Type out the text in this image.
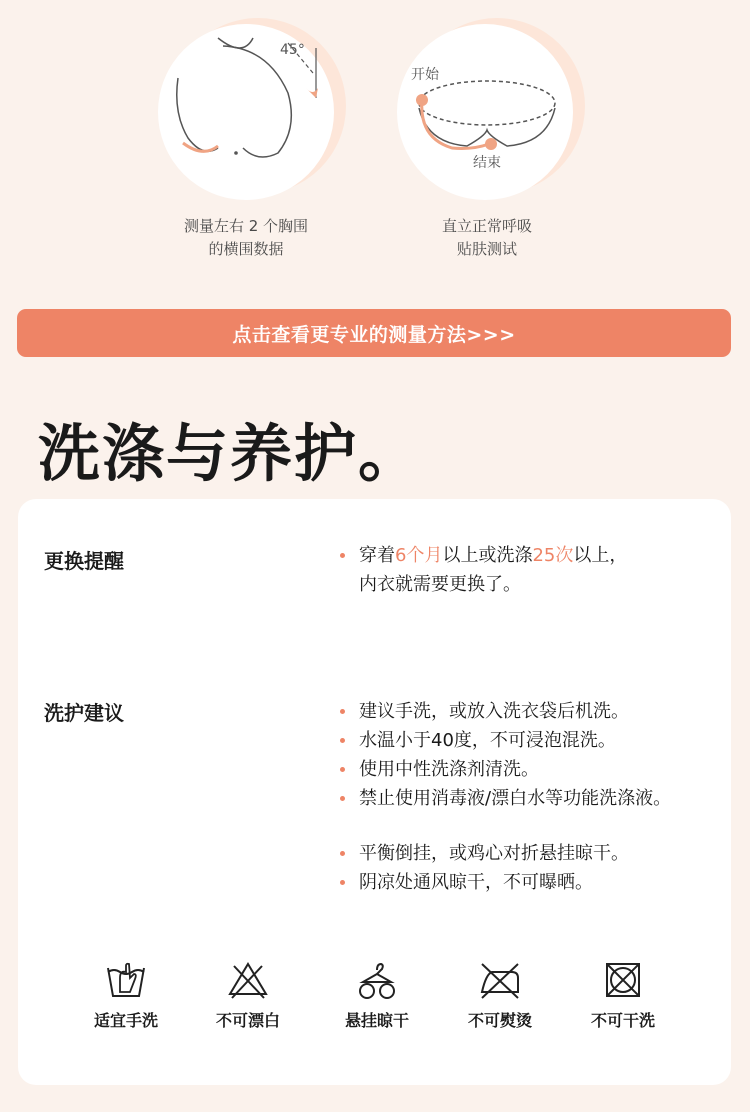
45°
测量左右 2 个胸围
的横围数据
开始
结束
直立正常呼吸
贴肤测试
点击查看更专业的测量方法>>>
洗涤与养护。
更换提醒	穿着6个月以上或洗涤25次以上，
内衣就需要更换了。
洗护建议	建议手洗，或放入洗衣袋后机洗。
水温小于40度，不可浸泡混洗。
使用中性洗涤剂清洗。
禁止使用消毒液/漂白水等功能洗涤液。
平衡倒挂，或鸡心对折悬挂晾干。
阴凉处通风晾干，不可曝晒。
适宜手洗	不可漂白	悬挂晾干	不可熨烫	不可干洗
